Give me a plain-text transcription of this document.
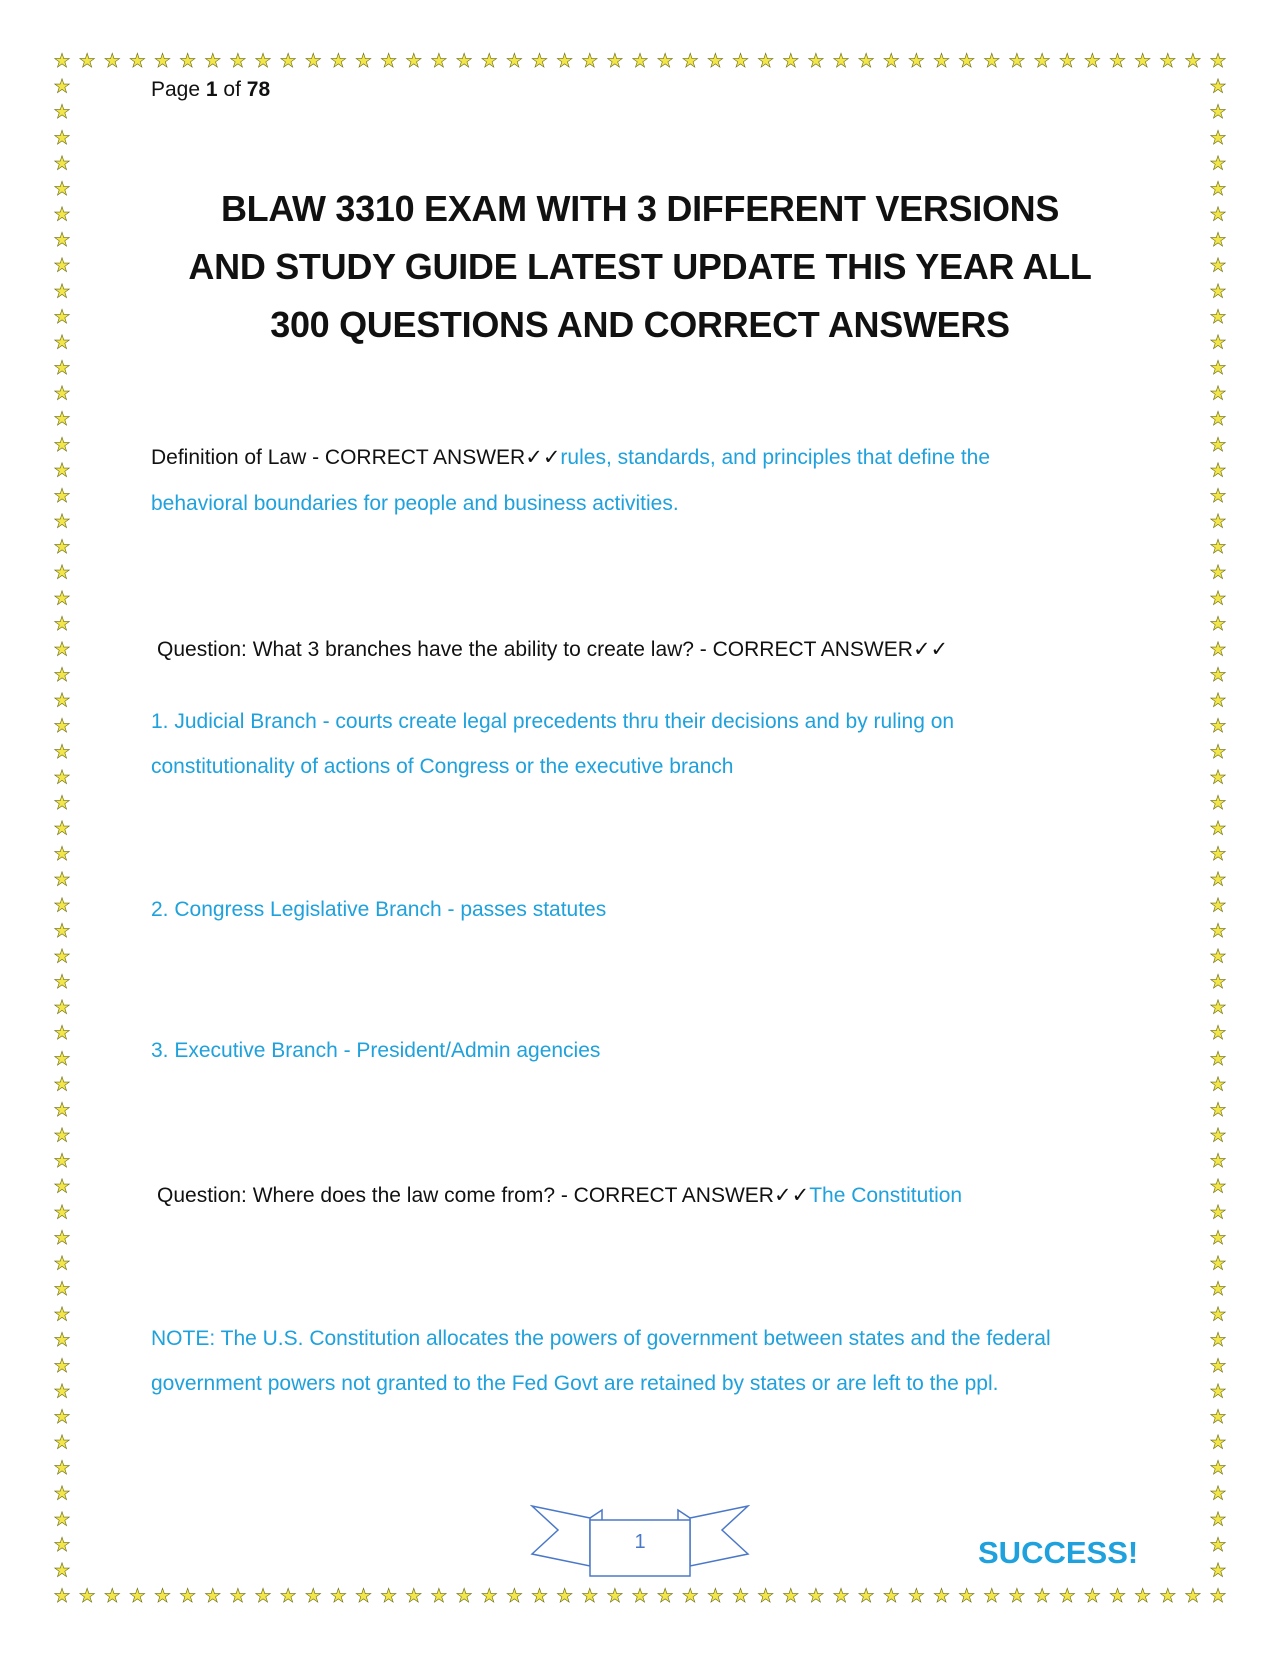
★
★
★
★
★
★
★
★
★
★
★
★
★
★
★
★
★
★
★
★
★
★
★
★
★
★
★
★
★
★
★
★
★
★
★
★
★
★
★
★
★
★
★
★
★
★
★
★
★
★
★
★
★
★
★
★
★
★
★
★
★
★
★
★
★
★
★
★
★
★
★
★
★
★
★
★
★
★
★
★
★
★
★
★
★
★
★
★
★
★
★
★
★
★
★	★
★	★
★	★
★	★
★	★
★	★
★	★
★	★
★	★
★	★
★	★
★	★
★	★
★	★
★	★
★	★
★	★
★	★
★	★
★	★
★	★
★	★
★	★
★	★
★	★
★	★
★	★
★	★
★	★
★	★
★	★
★	★
★	★
★	★
★	★
★	★
★	★
★	★
★	★
★	★
★	★
★	★
★	★
★	★
★	★
★	★
★	★
★	★
★	★
★	★
★	★
★	★
★	★
★	★
★	★
★	★
★	★
★	★
★	★
Page 1 of 78
BLAW 3310 EXAM WITH 3 DIFFERENT VERSIONS
AND STUDY GUIDE LATEST UPDATE THIS YEAR ALL
300 QUESTIONS AND CORRECT ANSWERS
Definition of Law - CORRECT ANSWER✓✓rules, standards, and principles that define the
behavioral boundaries for people and business activities.
Question: What 3 branches have the ability to create law? - CORRECT ANSWER✓✓
1. Judicial Branch - courts create legal precedents thru their decisions and by ruling on
constitutionality of actions of Congress or the executive branch
2. Congress Legislative Branch - passes statutes
3. Executive Branch - President/Admin agencies
Question: Where does the law come from? - CORRECT ANSWER✓✓The Constitution
NOTE: The U.S. Constitution allocates the powers of government between states and the federal
government powers not granted to the Fed Govt are retained by states or are left to the ppl.
1	SUCCESS!
